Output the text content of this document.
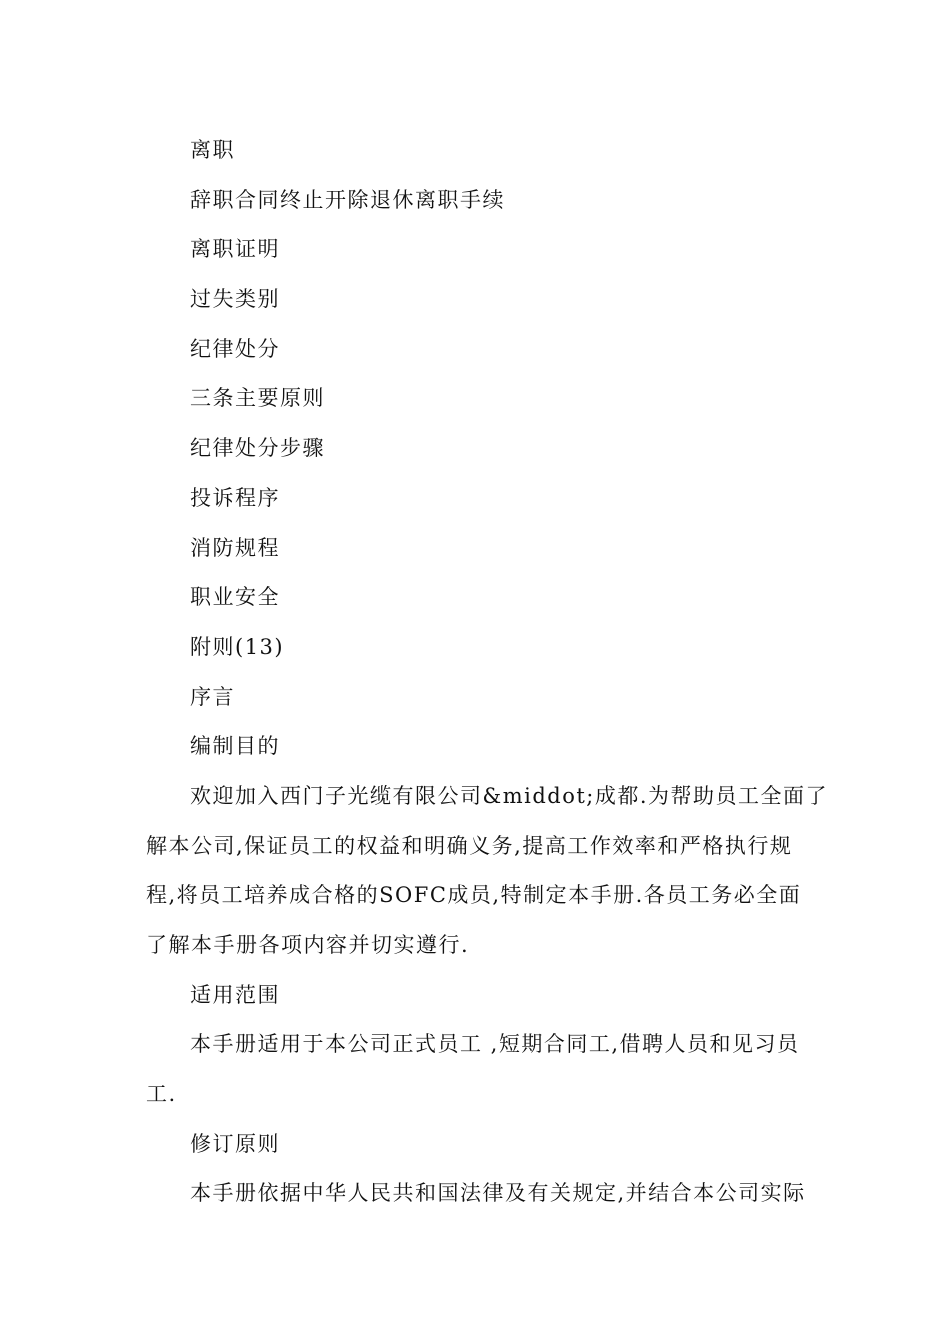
离职
辞职合同终止开除退休离职手续
离职证明
过失类别
纪律处分
三条主要原则
纪律处分步骤
投诉程序
消防规程
职业安全
附则(13)
序言
编制目的
欢迎加入西门子光缆有限公司&middot;成都.为帮助员工全面了
解本公司,保证员工的权益和明确义务,提高工作效率和严格执行规
程,将员工培养成合格的SOFC成员,特制定本手册.各员工务必全面
了解本手册各项内容并切实遵行.
适用范围
本手册适用于本公司正式员工 ,短期合同工,借聘人员和见习员
工.
修订原则
本手册依据中华人民共和国法律及有关规定,并结合本公司实际
